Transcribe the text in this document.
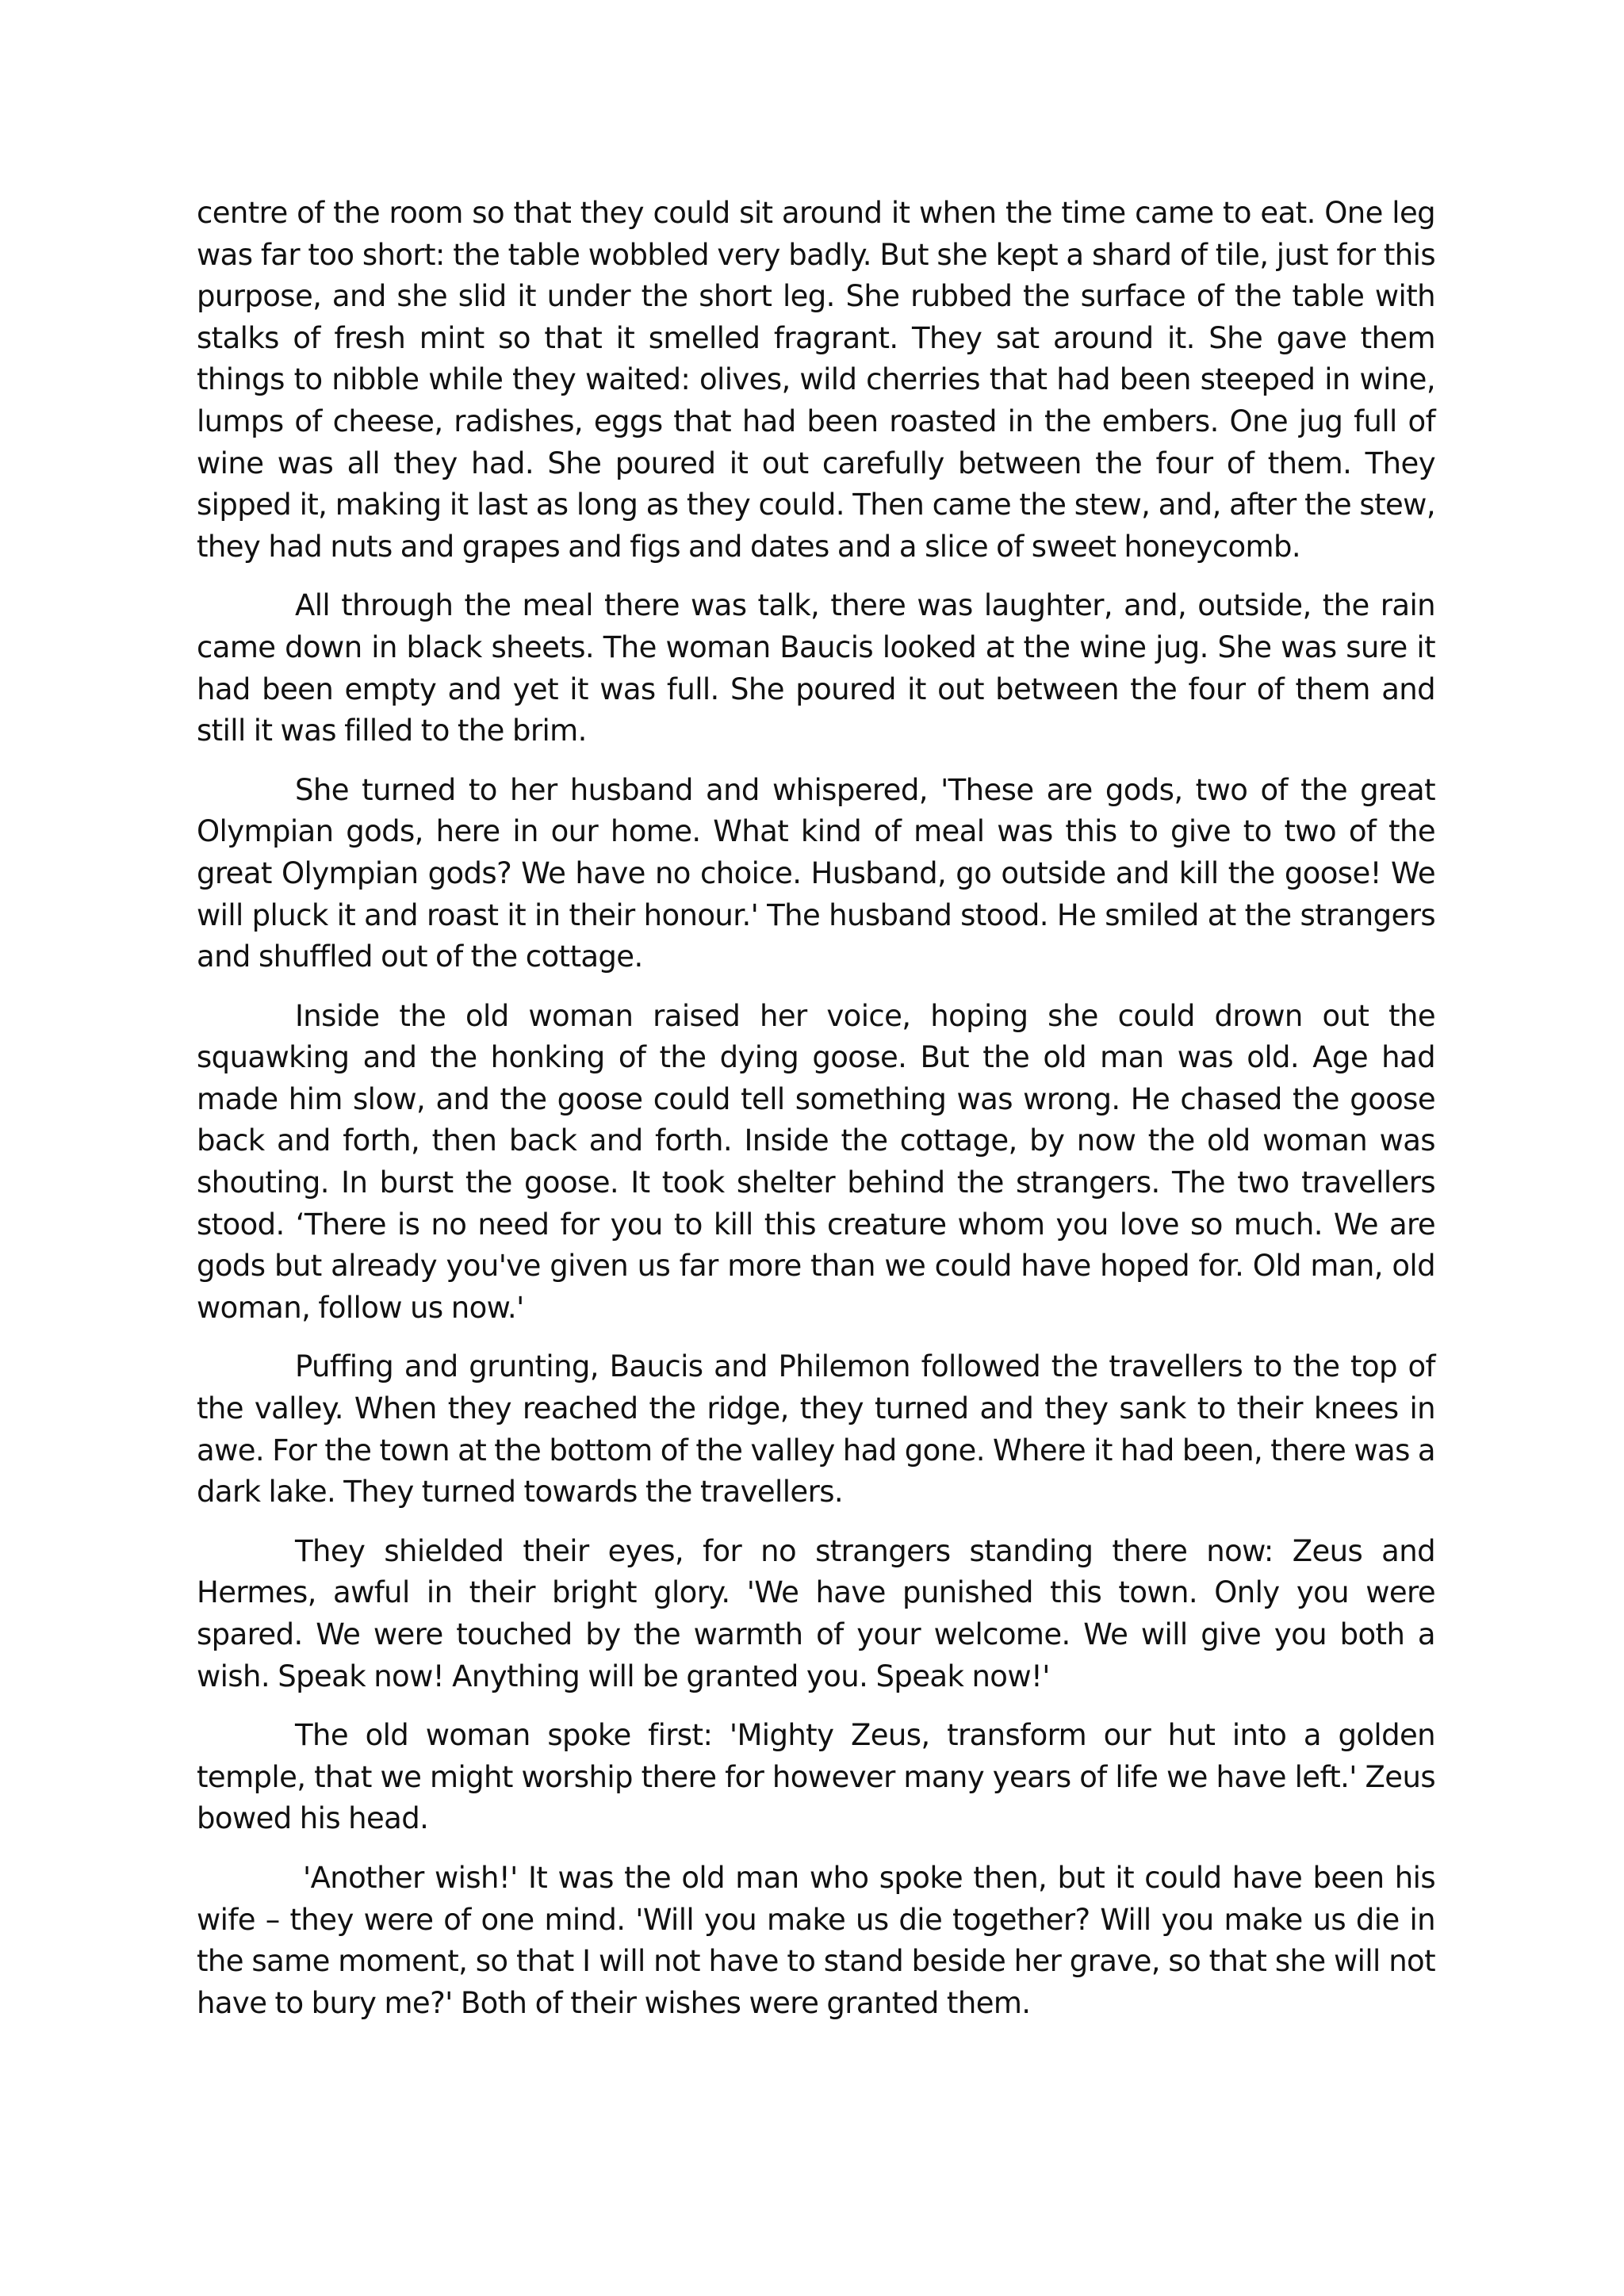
centre of the room so that they could sit around it when the time came to eat. One leg was far too short: the table wobbled very badly. But she kept a shard of tile, just for this purpose, and she slid it under the short leg. She rubbed the surface of the table with stalks of fresh mint so that it smelled fragrant. They sat around it. She gave them things to nibble while they waited: olives, wild cherries that had been steeped in wine, lumps of cheese, radishes, eggs that had been roasted in the embers. One jug full of wine was all they had. She poured it out carefully between the four of them. They sipped it, making it last as long as they could. Then came the stew, and, after the stew, they had nuts and grapes and figs and dates and a slice of sweet honeycomb.

All through the meal there was talk, there was laughter, and, outside, the rain came down in black sheets. The woman Baucis looked at the wine jug. She was sure it had been empty and yet it was full. She poured it out between the four of them and still it was filled to the brim.

She turned to her husband and whispered, 'These are gods, two of the great Olympian gods, here in our home. What kind of meal was this to give to two of the great Olympian gods? We have no choice. Husband, go outside and kill the goose! We will pluck it and roast it in their honour.' The husband stood. He smiled at the strangers and shuffled out of the cottage.

Inside the old woman raised her voice, hoping she could drown out the squawking and the honking of the dying goose. But the old man was old. Age had made him slow, and the goose could tell something was wrong. He chased the goose back and forth, then back and forth. Inside the cottage, by now the old woman was shouting. In burst the goose. It took shelter behind the strangers. The two travellers stood. ‘There is no need for you to kill this creature whom you love so much. We are gods but already you've given us far more than we could have hoped for. Old man, old woman, follow us now.'

Puffing and grunting, Baucis and Philemon followed the travellers to the top of the valley. When they reached the ridge, they turned and they sank to their knees in awe. For the town at the bottom of the valley had gone. Where it had been, there was a dark lake. They turned towards the travellers.

They shielded their eyes, for no strangers standing there now: Zeus and Hermes, awful in their bright glory. 'We have punished this town. Only you were spared. We were touched by the warmth of your welcome. We will give you both a wish. Speak now! Anything will be granted you. Speak now!'

The old woman spoke first: 'Mighty Zeus, transform our hut into a golden temple, that we might worship there for however many years of life we have left.' Zeus bowed his head.

'Another wish!' It was the old man who spoke then, but it could have been his wife – they were of one mind. 'Will you make us die together? Will you make us die in the same moment, so that I will not have to stand beside her grave, so that she will not have to bury me?' Both of their wishes were granted them.
